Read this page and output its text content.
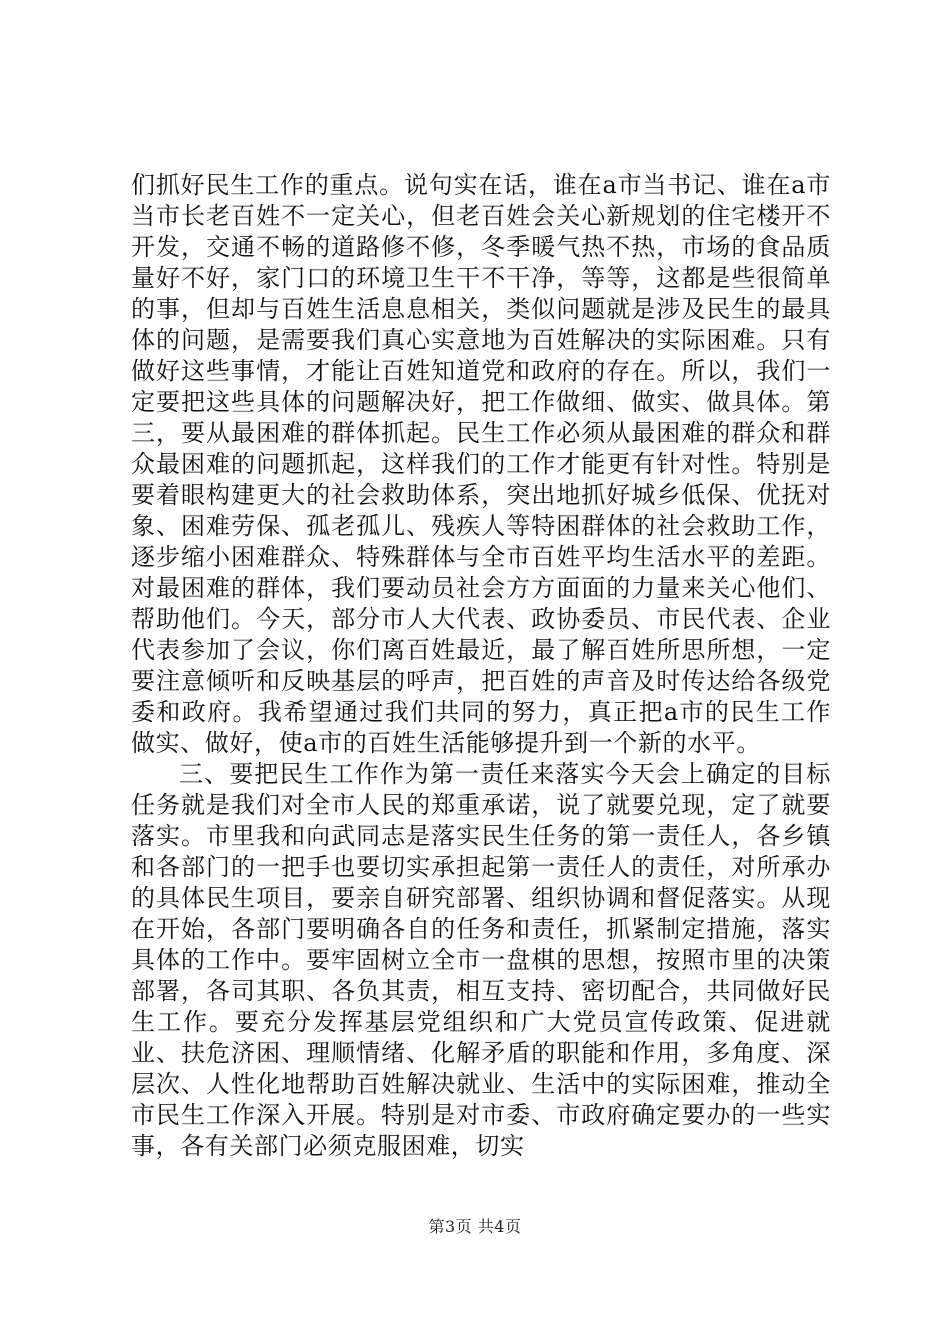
们抓好民生工作的重点。说句实在话，谁在a市当书记、谁在a市当市长老百姓不一定关心，但老百姓会关心新规划的住宅楼开不开发，交通不畅的道路修不修，冬季暖气热不热，市场的食品质量好不好，家门口的环境卫生干不干净，等等，这都是些很简单的事，但却与百姓生活息息相关，类似问题就是涉及民生的最具体的问题，是需要我们真心实意地为百姓解决的实际困难。只有做好这些事情，才能让百姓知道党和政府的存在。所以，我们一定要把这些具体的问题解决好，把工作做细、做实、做具体。第三，要从最困难的群体抓起。民生工作必须从最困难的群众和群众最困难的问题抓起，这样我们的工作才能更有针对性。特别是要着眼构建更大的社会救助体系，突出地抓好城乡低保、优抚对象、困难劳保、孤老孤儿、残疾人等特困群体的社会救助工作，逐步缩小困难群众、特殊群体与全市百姓平均生活水平的差距。对最困难的群体，我们要动员社会方方面面的力量来关心他们、帮助他们。今天，部分市人大代表、政协委员、市民代表、企业代表参加了会议，你们离百姓最近，最了解百姓所思所想，一定要注意倾听和反映基层的呼声，把百姓的声音及时传达给各级党委和政府。我希望通过我们共同的努力，真正把a市的民生工作做实、做好，使a市的百姓生活能够提升到一个新的水平。

三、要把民生工作作为第一责任来落实今天会上确定的目标任务就是我们对全市人民的郑重承诺，说了就要兑现，定了就要落实。市里我和向武同志是落实民生任务的第一责任人，各乡镇和各部门的一把手也要切实承担起第一责任人的责任，对所承办的具体民生项目，要亲自研究部署、组织协调和督促落实。从现在开始，各部门要明确各自的任务和责任，抓紧制定措施，落实具体的工作中。要牢固树立全市一盘棋的思想，按照市里的决策部署，各司其职、各负其责，相互支持、密切配合，共同做好民生工作。要充分发挥基层党组织和广大党员宣传政策、促进就业、扶危济困、理顺情绪、化解矛盾的职能和作用，多角度、深层次、人性化地帮助百姓解决就业、生活中的实际困难，推动全市民生工作深入开展。特别是对市委、市政府确定要办的一些实事，各有关部门必须克服困难，切实

第3页 共4页
